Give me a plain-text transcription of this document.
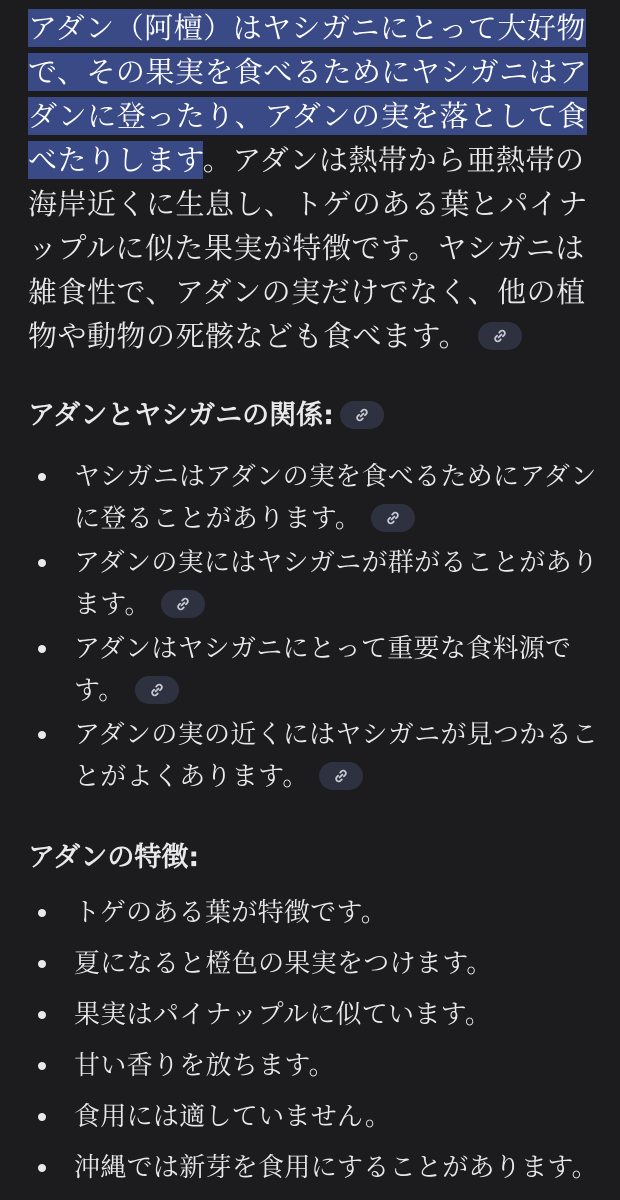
アダン（阿檀）はヤシガニにとって大好物で、その果実を食べるためにヤシガニはアダンに登ったり、アダンの実を落として食べたりします。アダンは熱帯から亜熱帯の海岸近くに生息し、トゲのある葉とパイナップルに似た果実が特徴です。ヤシガニは雑食性で、アダンの実だけでなく、他の植物や動物の死骸なども食べます。

アダンとヤシガニの関係:
ヤシガニはアダンの実を食べるためにアダンに登ることがあります。
アダンの実にはヤシガニが群がることがあります。
アダンはヤシガニにとって重要な食料源です。
アダンの実の近くにはヤシガニが見つかることがよくあります。
アダンの特徴:
トゲのある葉が特徴です。
夏になると橙色の果実をつけます。
果実はパイナップルに似ています。
甘い香りを放ちます。
食用には適していません。
沖縄では新芽を食用にすることがあります。
